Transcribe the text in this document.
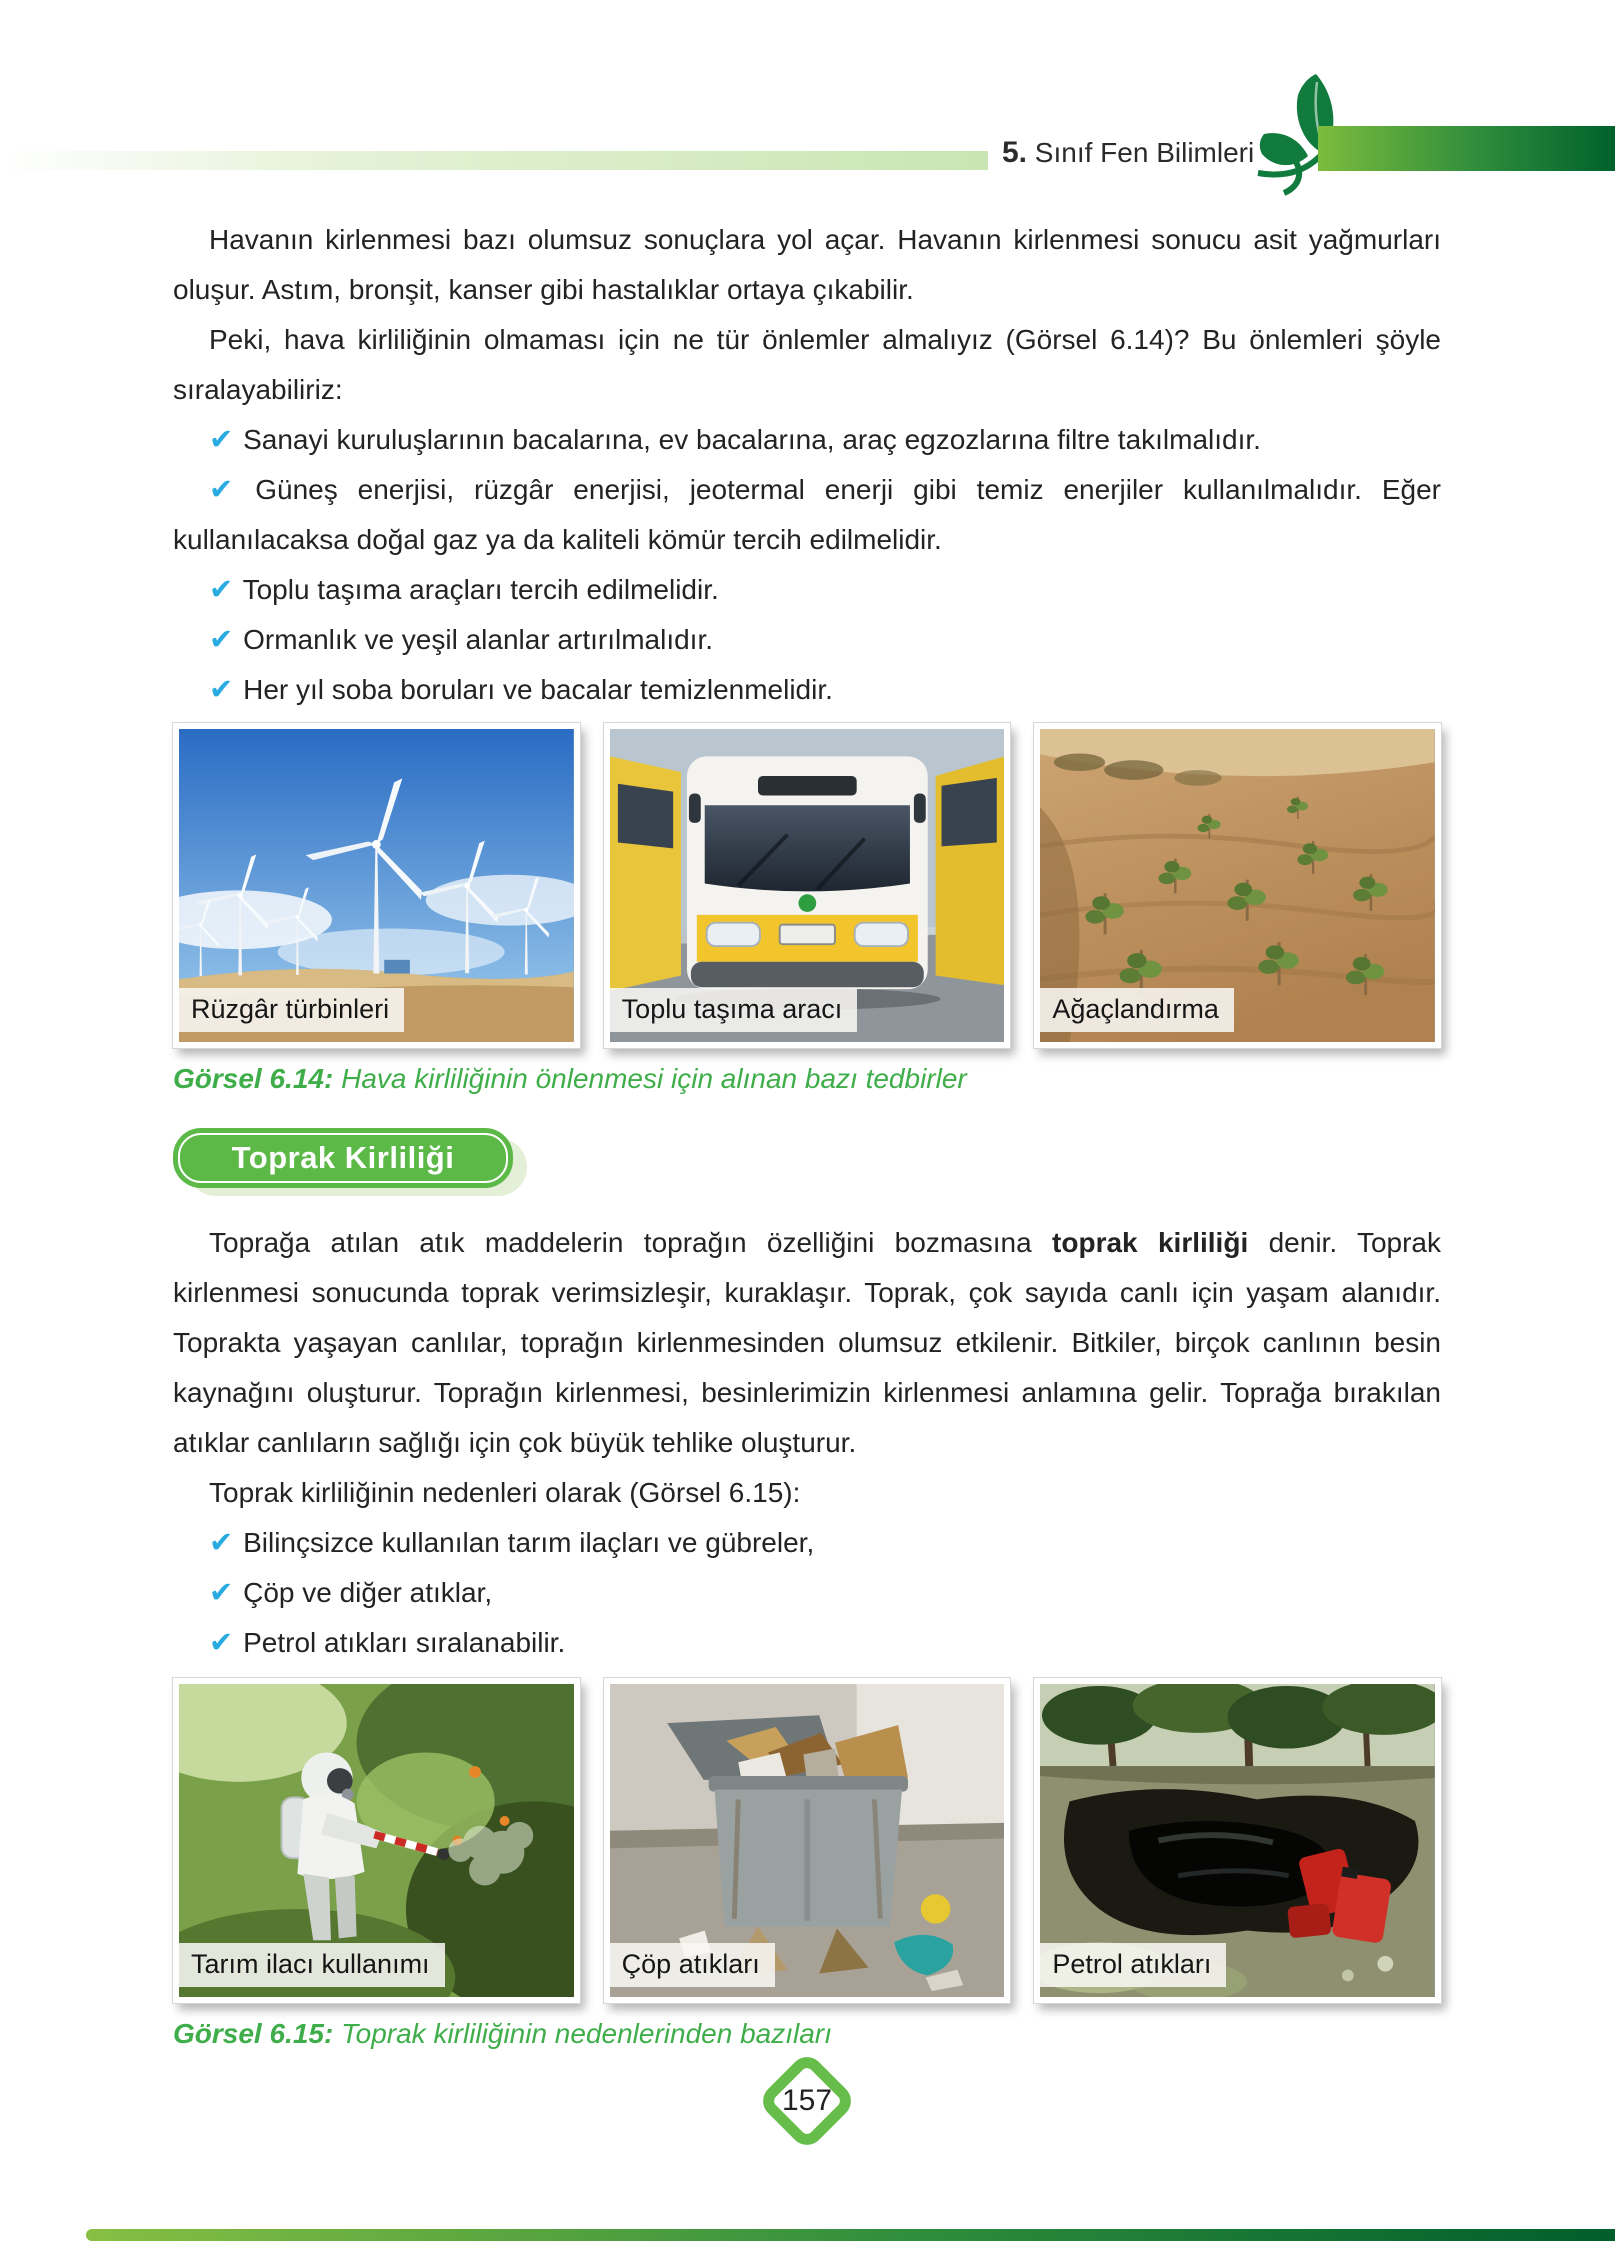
5. Sınıf Fen Bilimleri

Havanın kirlenmesi bazı olumsuz sonuçlara yol açar. Havanın kirlenmesi sonucu asit yağmurları oluşur. Astım, bronşit, kanser gibi hastalıklar ortaya çıkabilir.

Peki, hava kirliliğinin olmaması için ne tür önlemler almalıyız (Görsel 6.14)? Bu önlemleri şöyle sıralayabiliriz:

✔ Sanayi kuruluşlarının bacalarına, ev bacalarına, araç egzozlarına filtre takılmalıdır.

✔ Güneş enerjisi, rüzgâr enerjisi, jeotermal enerji gibi temiz enerjiler kullanılmalıdır. Eğer kullanılacaksa doğal gaz ya da kaliteli kömür tercih edilmelidir.

✔ Toplu taşıma araçları tercih edilmelidir.

✔ Ormanlık ve yeşil alanlar artırılmalıdır.

✔ Her yıl soba boruları ve bacalar temizlenmelidir.

Rüzgâr türbinleri	Toplu taşıma aracı	Ağaçlandırma

Görsel 6.14: Hava kirliliğinin önlenmesi için alınan bazı tedbirler

Toprak Kirliliği

Toprağa atılan atık maddelerin toprağın özelliğini bozmasına toprak kirliliği denir. Toprak kirlenmesi sonucunda toprak verimsizleşir, kuraklaşır. Toprak, çok sayıda canlı için yaşam alanıdır. Toprakta yaşayan canlılar, toprağın kirlenmesinden olumsuz etkilenir. Bitkiler, birçok canlının besin kaynağını oluşturur. Toprağın kirlenmesi, besinlerimizin kirlenmesi anlamına gelir. Toprağa bırakılan atıklar canlıların sağlığı için çok büyük tehlike oluşturur.

Toprak kirliliğinin nedenleri olarak (Görsel 6.15):

✔ Bilinçsizce kullanılan tarım ilaçları ve gübreler,

✔ Çöp ve diğer atıklar,

✔ Petrol atıkları sıralanabilir.

Tarım ilacı kullanımı	Çöp atıkları	Petrol atıkları

Görsel 6.15: Toprak kirliliğinin nedenlerinden bazıları

157
